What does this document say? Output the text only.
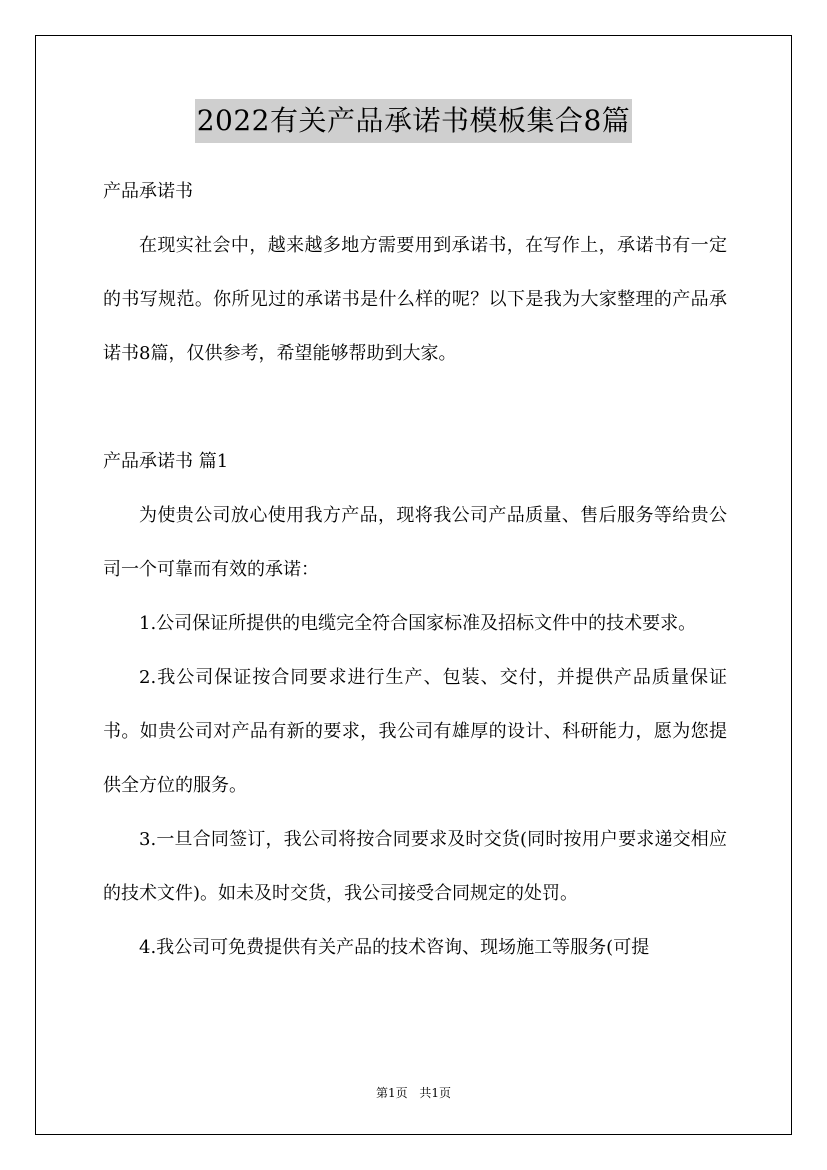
2022有关产品承诺书模板集合8篇

产品承诺书

在现实社会中，越来越多地方需要用到承诺书，在写作上，承诺书有一定的书写规范。你所见过的承诺书是什么样的呢？以下是我为大家整理的产品承诺书8篇，仅供参考，希望能够帮助到大家。

产品承诺书 篇1

为使贵公司放心使用我方产品，现将我公司产品质量、售后服务等给贵公司一个可靠而有效的承诺：

1.公司保证所提供的电缆完全符合国家标准及招标文件中的技术要求。

2.我公司保证按合同要求进行生产、包装、交付，并提供产品质量保证书。如贵公司对产品有新的要求，我公司有雄厚的设计、科研能力，愿为您提供全方位的服务。

3.一旦合同签订，我公司将按合同要求及时交货(同时按用户要求递交相应的技术文件)。如未及时交货，我公司接受合同规定的处罚。

4.我公司可免费提供有关产品的技术咨询、现场施工等服务(可提

第1页 共1页
